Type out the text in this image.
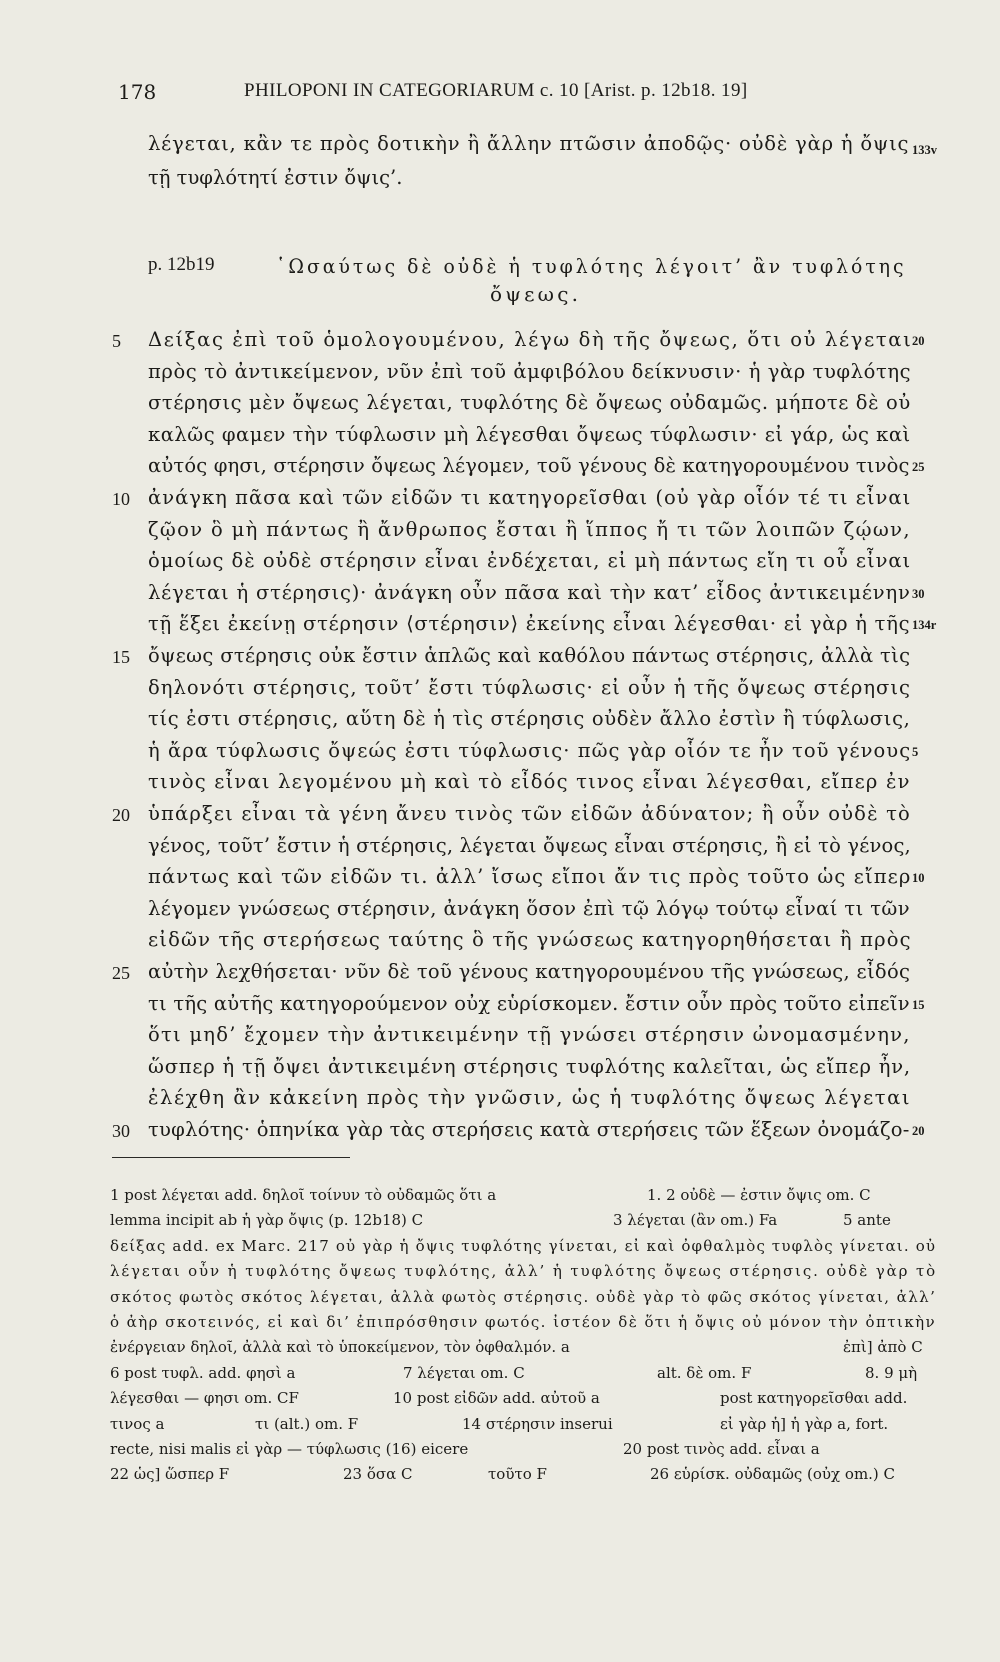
178	PHILOPONI IN CATEGORIARUM c. 10 [Arist. p. 12b18. 19]
λέγεται, κἂν τε πρὸς δοτικὴν ἢ ἄλλην πτῶσιν ἀποδῷς· οὐδὲ γὰρ ἡ ὄψις
τῇ τυφλότητί ἐστιν ὄψις’.
133v
p. 12b19	῾Ωσαύτως δὲ οὐδὲ ἡ τυφλότης λέγοιτ’ ἂν τυφλότης
ὄψεως.
Δείξας ἐπὶ τοῦ ὁμολογουμένου, λέγω δὴ τῆς ὄψεως, ὅτι οὐ λέγεται
5	20
πρὸς τὸ ἀντικείμενον, νῦν ἐπὶ τοῦ ἀμφιβόλου δείκνυσιν· ἡ γὰρ τυφλότης
στέρησις μὲν ὄψεως λέγεται, τυφλότης δὲ ὄψεως οὐδαμῶς. μήποτε δὲ οὐ
καλῶς φαμεν τὴν τύφλωσιν μὴ λέγεσθαι ὄψεως τύφλωσιν· εἰ γάρ, ὡς καὶ
αὐτός φησι, στέρησιν ὄψεως λέγομεν, τοῦ γένους δὲ κατηγορουμένου τινὸς 25
ἀνάγκη πᾶσα καὶ τῶν εἰδῶν τι κατηγορεῖσθαι (οὐ γὰρ οἷόν τέ τι εἶναι
10
ζῷον ὃ μὴ πάντως ἢ ἄνθρωπος ἔσται ἢ ἵππος ἤ τι τῶν λοιπῶν ζῴων,
ὁμοίως δὲ οὐδὲ στέρησιν εἶναι ἐνδέχεται, εἰ μὴ πάντως εἴη τι οὗ εἶναι
λέγεται ἡ στέρησις)· ἀνάγκη οὖν πᾶσα καὶ τὴν κατ’ εἶδος ἀντικειμένην 30
τῇ ἕξει ἐκείνῃ στέρησιν ⟨στέρησιν⟩ ἐκείνης εἶναι λέγεσθαι· εἰ γὰρ ἡ τῆς 134r
ὄψεως στέρησις οὐκ ἔστιν ἁπλῶς καὶ καθόλου πάντως στέρησις, ἀλλὰ τὶς
15
δηλονότι στέρησις, τοῦτ’ ἔστι τύφλωσις· εἰ οὖν ἡ τῆς ὄψεως στέρησις
τίς ἐστι στέρησις, αὕτη δὲ ἡ τὶς στέρησις οὐδὲν ἄλλο ἐστὶν ἢ τύφλωσις,
ἡ ἄρα τύφλωσις ὄψεώς ἐστι τύφλωσις· πῶς γὰρ οἷόν τε ἦν τοῦ γένους 5
τινὸς εἶναι λεγομένου μὴ καὶ τὸ εἶδός τινος εἶναι λέγεσθαι, εἴπερ ἐν
ὑπάρξει εἶναι τὰ γένη ἄνευ τινὸς τῶν εἰδῶν ἀδύνατον; ἢ οὖν οὐδὲ τὸ
20
γένος, τοῦτ’ ἔστιν ἡ στέρησις, λέγεται ὄψεως εἶναι στέρησις, ἢ εἰ τὸ γένος,
πάντως καὶ τῶν εἰδῶν τι. ἀλλ’ ἴσως εἴποι ἄν τις πρὸς τοῦτο ὡς εἴπερ 10
λέγομεν γνώσεως στέρησιν, ἀνάγκη ὅσον ἐπὶ τῷ λόγῳ τούτῳ εἶναί τι τῶν
εἰδῶν τῆς στερήσεως ταύτης ὃ τῆς γνώσεως κατηγορηθήσεται ἢ πρὸς
αὐτὴν λεχθήσεται· νῦν δὲ τοῦ γένους κατηγορουμένου τῆς γνώσεως, εἶδός
25
τι τῆς αὐτῆς κατηγορούμενον οὐχ εὑρίσκομεν. ἔστιν οὖν πρὸς τοῦτο εἰπεῖν 15
ὅτι μηδ’ ἔχομεν τὴν ἀντικειμένην τῇ γνώσει στέρησιν ὠνομασμένην,
ὥσπερ ἡ τῇ ὄψει ἀντικειμένη στέρησις τυφλότης καλεῖται, ὡς εἴπερ ἦν,
ἐλέχθη ἂν κἀκείνη πρὸς τὴν γνῶσιν, ὡς ἡ τυφλότης ὄψεως λέγεται
τυφλότης· ὁπηνίκα γὰρ τὰς στερήσεις κατὰ στερήσεις τῶν ἕξεων ὀνομάζο-
30	20
1 post λέγεται add. δηλοῖ τοίνυν τὸ οὐδαμῶς ὅτι a	1. 2 οὐδὲ — ἐστιν ὄψις om. C
lemma incipit ab ἡ γὰρ ὄψις (p. 12b18) C	3 λέγεται (ἂν om.) Fa	5 ante
δείξας add. ex Marc. 217 οὐ γὰρ ἡ ὄψις τυφλότης γίνεται, εἰ καὶ ὀφθαλμὸς τυφλὸς γίνεται. οὐ
λέγεται οὖν ἡ τυφλότης ὄψεως τυφλότης, ἀλλ’ ἡ τυφλότης ὄψεως στέρησις. οὐδὲ γὰρ τὸ
σκότος φωτὸς σκότος λέγεται, ἀλλὰ φωτὸς στέρησις. οὐδὲ γὰρ τὸ φῶς σκότος γίνεται, ἀλλ’
ὁ ἀὴρ σκοτεινός, εἰ καὶ δι’ ἐπιπρόσθησιν φωτός. ἰστέον δὲ ὅτι ἡ ὄψις οὐ μόνον τὴν ὀπτικὴν
ἐνέργειαν δηλοῖ, ἀλλὰ καὶ τὸ ὑποκείμενον, τὸν ὀφθαλμόν. a	ἐπὶ] ἀπὸ C
6 post τυφλ. add. φησὶ a	7 λέγεται om. C	alt. δὲ om. F	8. 9 μὴ
λέγεσθαι — φησι om. CF	10 post εἰδῶν add. αὐτοῦ a	post κατηγορεῖσθαι add.
τινος a	τι (alt.) om. F	14 στέρησιν inserui	εἰ γὰρ ἡ] ἡ γὰρ a, fort.
recte, nisi malis εἰ γὰρ — τύφλωσις (16) eicere	20 post τινὸς add. εἶναι a
22 ὡς] ὥσπερ F	23 ὅσα C	τοῦτο F	26 εὑρίσκ. οὐδαμῶς (οὐχ om.) C
